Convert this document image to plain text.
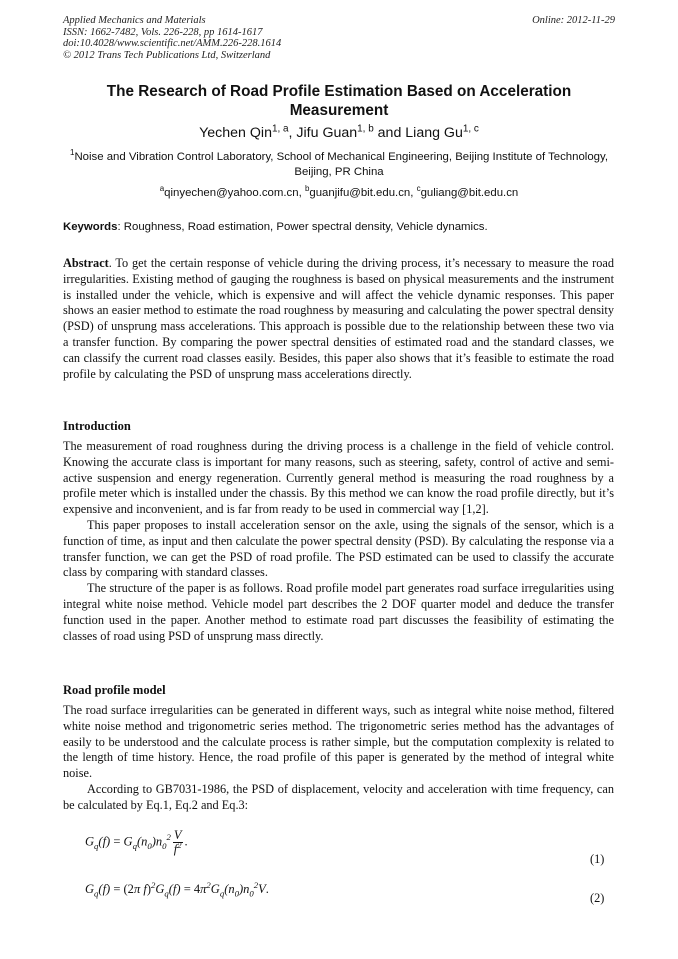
Applied Mechanics and Materials
ISSN: 1662-7482, Vols. 226-228, pp 1614-1617
doi:10.4028/www.scientific.net/AMM.226-228.1614
© 2012 Trans Tech Publications Ltd, Switzerland
Online: 2012-11-29
The Research of Road Profile Estimation Based on Acceleration Measurement
Yechen Qin$^{1, a}$, Jifu Guan$^{1, b}$ and Liang Gu$^{1, c}$
$^1$Noise and Vibration Control Laboratory, School of Mechanical Engineering, Beijing Institute of Technology, Beijing, PR China
$^a$qinyechen@yahoo.com.cn, $^b$guanjifu@bit.edu.cn, $^c$guliang@bit.edu.cn
Keywords: Roughness, Road estimation, Power spectral density, Vehicle dynamics.

Abstract. To get the certain response of vehicle during the driving process, it’s necessary to measure the road irregularities. Existing method of gauging the roughness is based on physical measurements and the instrument is installed under the vehicle, which is expensive and will affect the vehicle dynamic responses. This paper shows an easier method to estimate the road roughness by measuring and calculating the power spectral density (PSD) of unsprung mass accelerations. This approach is possible due to the relationship between these two via a transfer function. By comparing the power spectral densities of estimated road and the standard classes, we can classify the current road classes easily. Besides, this paper also shows that it’s feasible to estimate the road profile by calculating the PSD of unsprung mass accelerations directly.

Introduction

The measurement of road roughness during the driving process is a challenge in the field of vehicle control. Knowing the accurate class is important for many reasons, such as steering, safety, control of active and semi-active suspension and energy regeneration. Currently general method is measuring the road roughness by a profile meter which is installed under the chassis. By this method we can know the road profile directly, but it’s expensive and inconvenient, and is far from ready to be used in commercial way [1,2].

This paper proposes to install acceleration sensor on the axle, using the signals of the sensor, which is a function of time, as input and then calculate the power spectral density (PSD). By calculating the response via a transfer function, we can get the PSD of road profile. The PSD estimated can be used to classify the accurate class by comparing with standard classes.

The structure of the paper is as follows. Road profile model part generates road surface irregularities using integral white noise method. Vehicle model part describes the 2 DOF quarter model and deduce the transfer function used in the paper. Another method to estimate road part discusses the feasibility of estimating the classes of road using PSD of unsprung mass directly.

Road profile model

The road surface irregularities can be generated in different ways, such as integral white noise method, filtered white noise method and trigonometric series method. The trigonometric series method has the advantages of easily to be understood and the calculate process is rather simple, but the computation complexity is related to the length of time history. Hence, the road profile of this paper is generated by the method of integral white noise.

According to GB7031-1986, the PSD of displacement, velocity and acceleration with time frequency, can be calculated by Eq.1, Eq.2 and Eq.3:

$G_q(f) = G_q(n_0)n_0^2 \frac{V}{f^2}$ .
(1)
$G_q(f) = (2\pi$ $f)^2G_q(f) = 4\pi^2G_q(n_0)n_0^2V$.
(2)
